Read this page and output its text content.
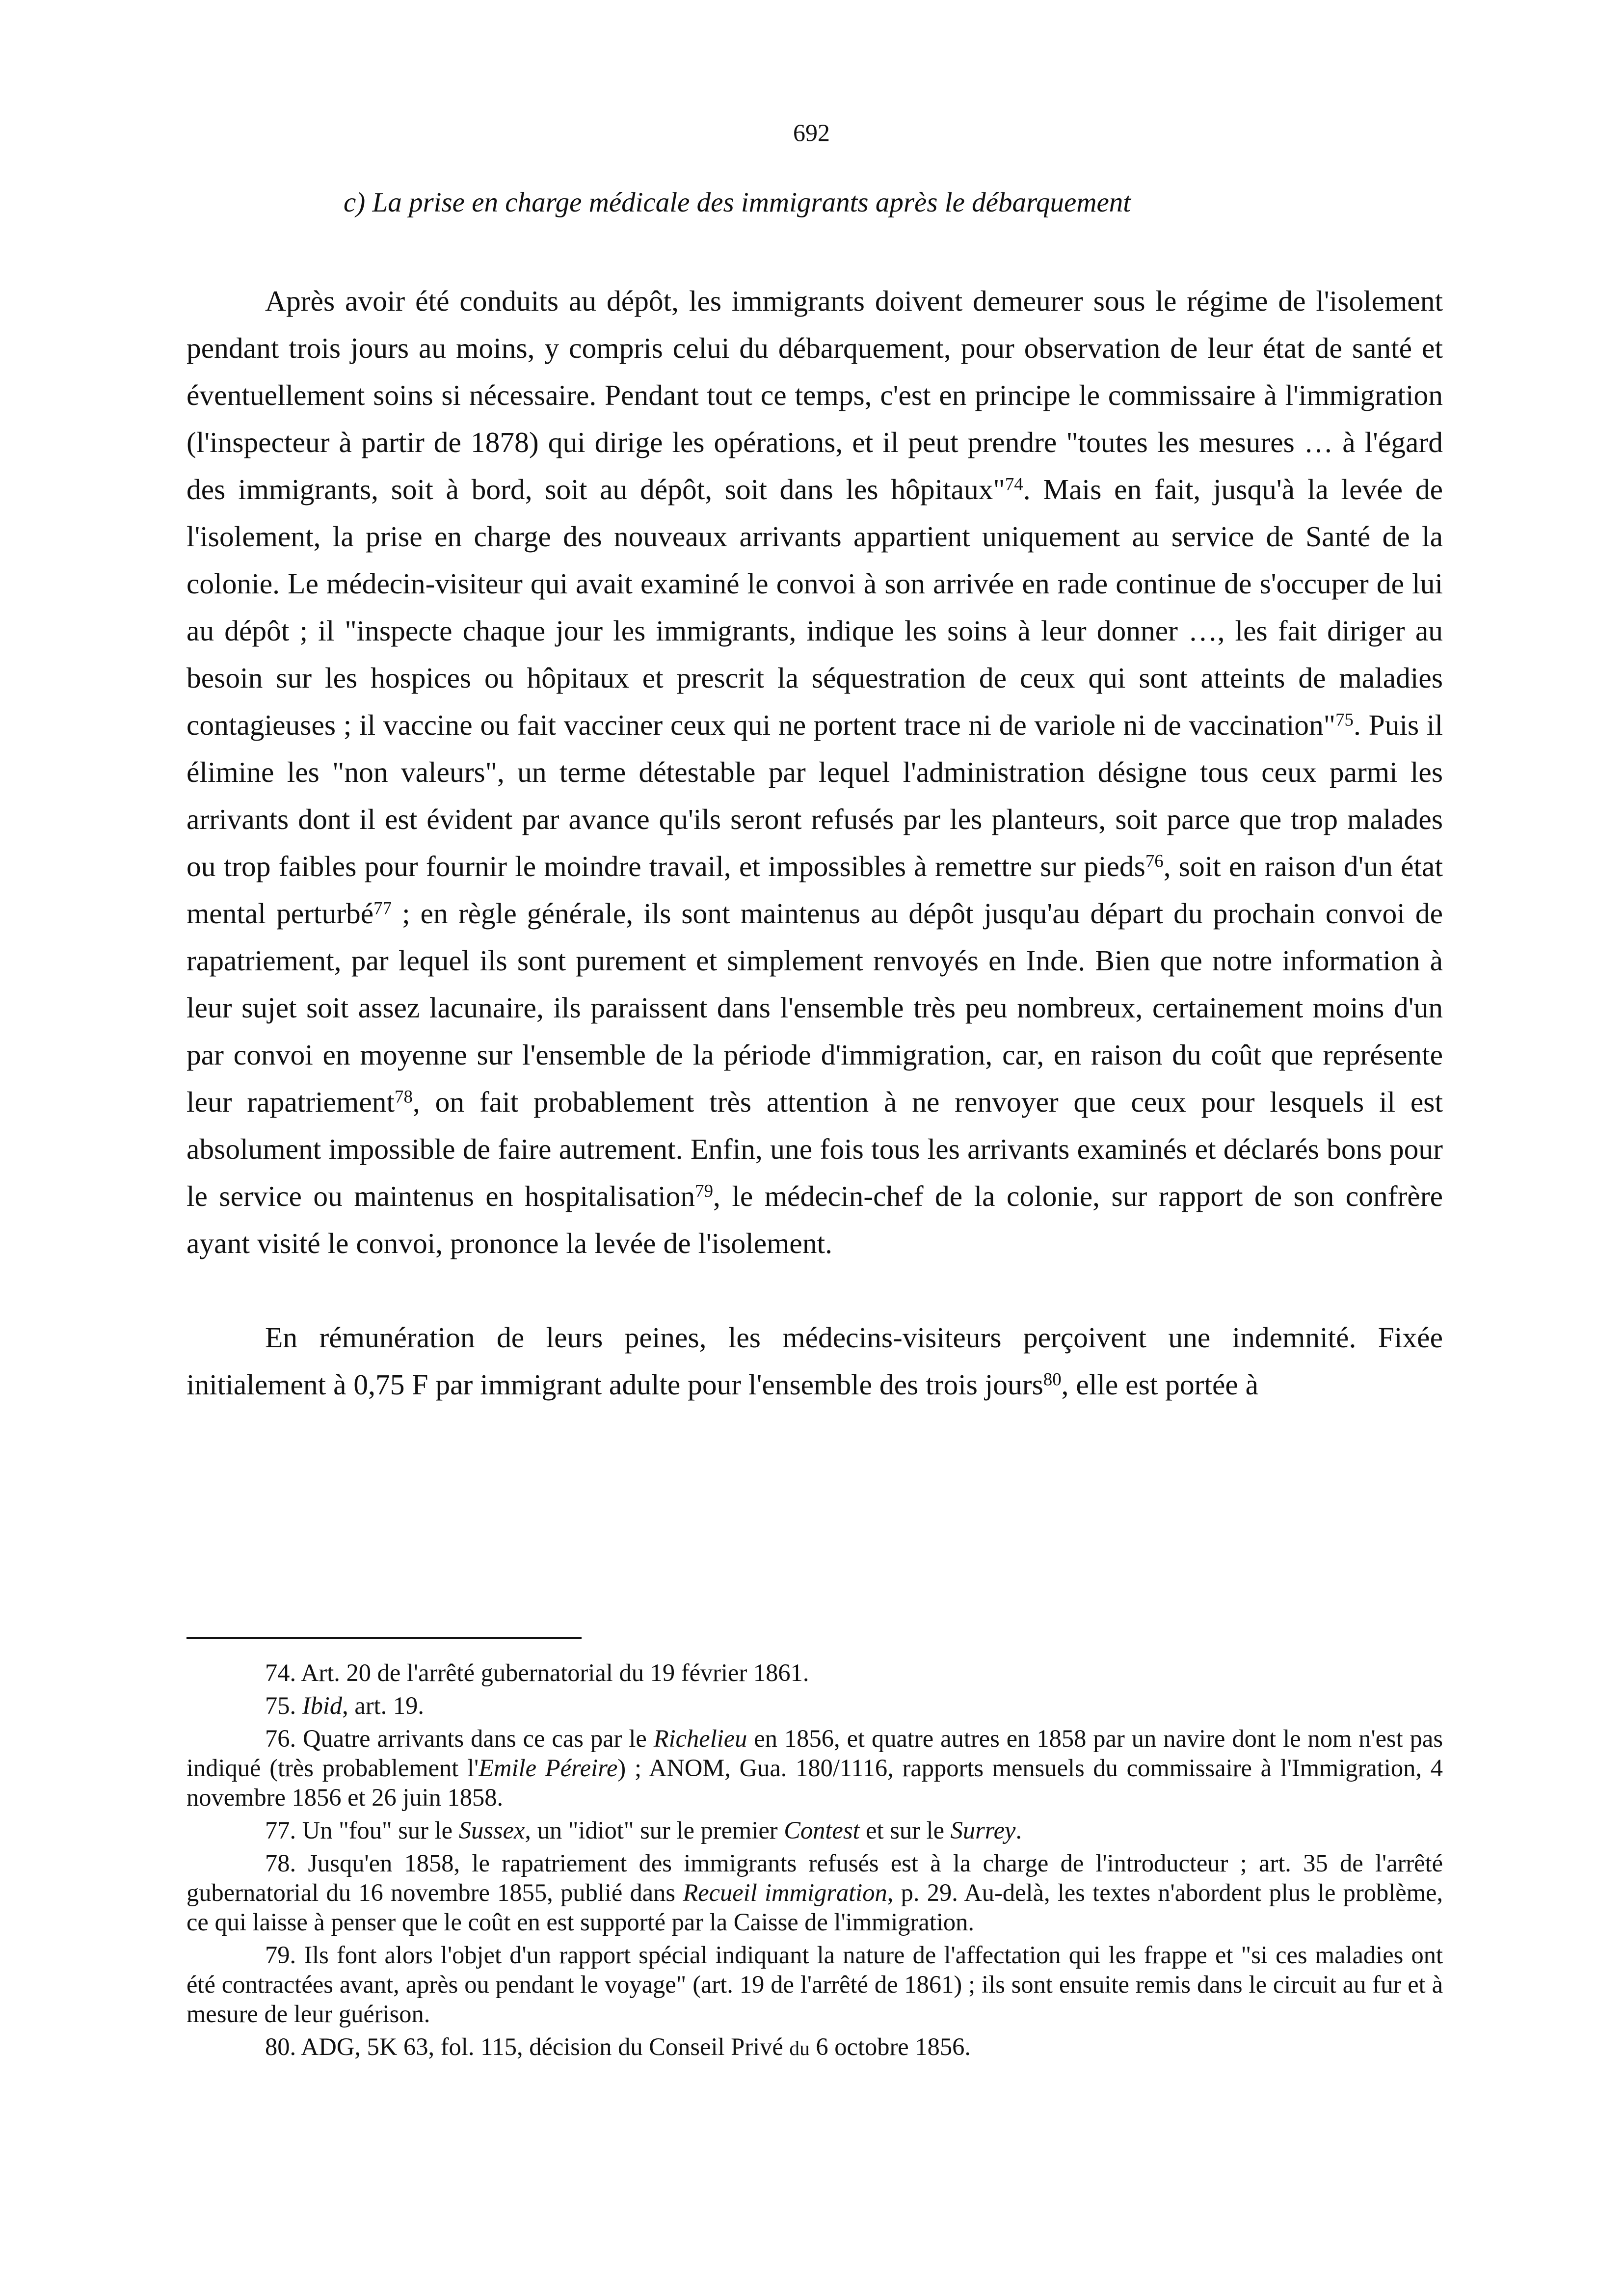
692
c) La prise en charge médicale des immigrants après le débarquement

Après avoir été conduits au dépôt, les immigrants doivent demeurer sous le régime de l'isolement pendant trois jours au moins, y compris celui du débarquement, pour observation de leur état de santé et éventuellement soins si nécessaire. Pendant tout ce temps, c'est en principe le commissaire à l'immigration (l'inspecteur à partir de 1878) qui dirige les opérations, et il peut prendre "toutes les mesures … à l'égard des immigrants, soit à bord, soit au dépôt, soit dans les hôpitaux"$^{74}$. Mais en fait, jusqu'à la levée de l'isolement, la prise en charge des nouveaux arrivants appartient uniquement au service de Santé de la colonie. Le médecin-visiteur qui avait examiné le convoi à son arrivée en rade continue de s'occuper de lui au dépôt ; il "inspecte chaque jour les immigrants, indique les soins à leur donner …, les fait diriger au besoin sur les hospices ou hôpitaux et prescrit la séquestration de ceux qui sont atteints de maladies contagieuses ; il vaccine ou fait vacciner ceux qui ne portent trace ni de variole ni de vaccination"$^{75}$. Puis il élimine les "non valeurs", un terme détestable par lequel l'administration désigne tous ceux parmi les arrivants dont il est évident par avance qu'ils seront refusés par les planteurs, soit parce que trop malades ou trop faibles pour fournir le moindre travail, et impossibles à remettre sur pieds$^{76}$, soit en raison d'un état mental perturbé$^{77}$ ; en règle générale, ils sont maintenus au dépôt jusqu'au départ du prochain convoi de rapatriement, par lequel ils sont purement et simplement renvoyés en Inde. Bien que notre information à leur sujet soit assez lacunaire, ils paraissent dans l'ensemble très peu nombreux, certainement moins d'un par convoi en moyenne sur l'ensemble de la période d'immigration, car, en raison du coût que représente leur rapatriement$^{78}$, on fait probablement très attention à ne renvoyer que ceux pour lesquels il est absolument impossible de faire autrement. Enfin, une fois tous les arrivants examinés et déclarés bons pour le service ou maintenus en hospitalisation$^{79}$, le médecin-chef de la colonie, sur rapport de son confrère ayant visité le convoi, prononce la levée de l'isolement.

En rémunération de leurs peines, les médecins-visiteurs perçoivent une indemnité. Fixée initialement à 0,75 F par immigrant adulte pour l'ensemble des trois jours$^{80}$, elle est portée à

74. Art. 20 de l'arrêté gubernatorial du 19 février 1861.

75. Ibid, art. 19.

76. Quatre arrivants dans ce cas par le Richelieu en 1856, et quatre autres en 1858 par un navire dont le nom n'est pas indiqué (très probablement l'Emile Péreire) ; ANOM, Gua. 180/1116, rapports mensuels du commissaire à l'Immigration, 4 novembre 1856 et 26 juin 1858.

77. Un "fou" sur le Sussex, un "idiot" sur le premier Contest et sur le Surrey.

78. Jusqu'en 1858, le rapatriement des immigrants refusés est à la charge de l'introducteur ; art. 35 de l'arrêté gubernatorial du 16 novembre 1855, publié dans Recueil immigration, p. 29. Au-delà, les textes n'abordent plus le problème, ce qui laisse à penser que le coût en est supporté par la Caisse de l'immigration.

79. Ils font alors l'objet d'un rapport spécial indiquant la nature de l'affectation qui les frappe et "si ces maladies ont été contractées avant, après ou pendant le voyage" (art. 19 de l'arrêté de 1861) ; ils sont ensuite remis dans le circuit au fur et à mesure de leur guérison.

80. ADG, 5K 63, fol. 115, décision du Conseil Privé du 6 octobre 1856.
